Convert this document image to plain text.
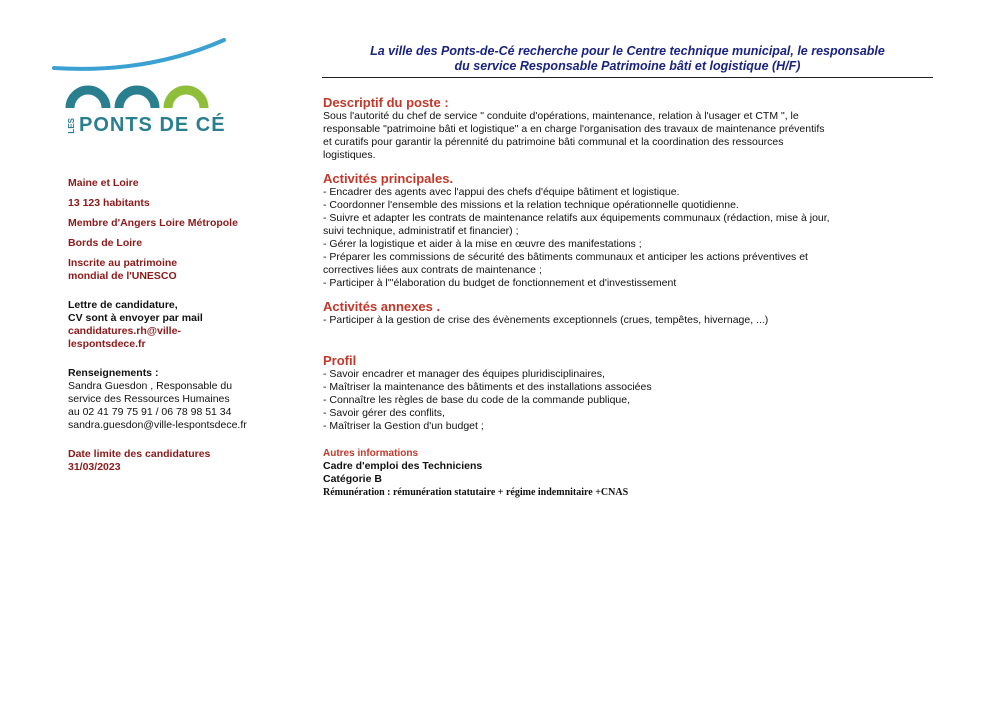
LES PONTS DE CÉ
Maine et Loire
13 123 habitants
Membre d'Angers Loire Métropole
Bords de Loire
Inscrite au patrimoine
mondial de l'UNESCO
Lettre de candidature,
CV sont à envoyer par mail
candidatures.rh@ville-
lespontsdece.fr
Renseignements :
Sandra Guesdon , Responsable du
service des Ressources Humaines
au 02 41 79 75 91 / 06 78 98 51 34
sandra.guesdon@ville-lespontsdece.fr
Date limite des candidatures
31/03/2023
La ville des Ponts-de-Cé recherche pour le Centre technique municipal, le responsable
du service Responsable Patrimoine bâti et logistique (H/F)
Descriptif du poste :
Sous l'autorité du chef de service " conduite d'opérations, maintenance, relation à l'usager et CTM ", le
responsable "patrimoine bâti et logistique" a en charge l'organisation des travaux de maintenance préventifs
et curatifs pour garantir la pérennité du patrimoine bâti communal et la coordination des ressources
logistiques.
Activités principales.
- Encadrer des agents avec l'appui des chefs d'équipe bâtiment et logistique.
- Coordonner l'ensemble des missions et la relation technique opérationnelle quotidienne.
- Suivre et adapter les contrats de maintenance relatifs aux équipements communaux (rédaction, mise à jour,
suivi technique, administratif et financier) ;
- Gérer la logistique et aider à la mise en œuvre des manifestations ;
- Préparer les commissions de sécurité des bâtiments communaux et anticiper les actions préventives et
correctives liées aux contrats de maintenance ;
- Participer à l'"élaboration du budget de fonctionnement et d'investissement
Activités annexes .
- Participer à la gestion de crise des évènements exceptionnels (crues, tempêtes, hivernage, ...)
Profil
- Savoir encadrer et manager des équipes pluridisciplinaires,
- Maîtriser la maintenance des bâtiments et des installations associées
- Connaître les règles de base du code de la commande publique,
- Savoir gérer des conflits,
- Maîtriser la Gestion d'un budget ;
Autres informations
Cadre d'emploi des Techniciens
Catégorie B
Rémunération : rémunération statutaire + régime indemnitaire +CNAS
